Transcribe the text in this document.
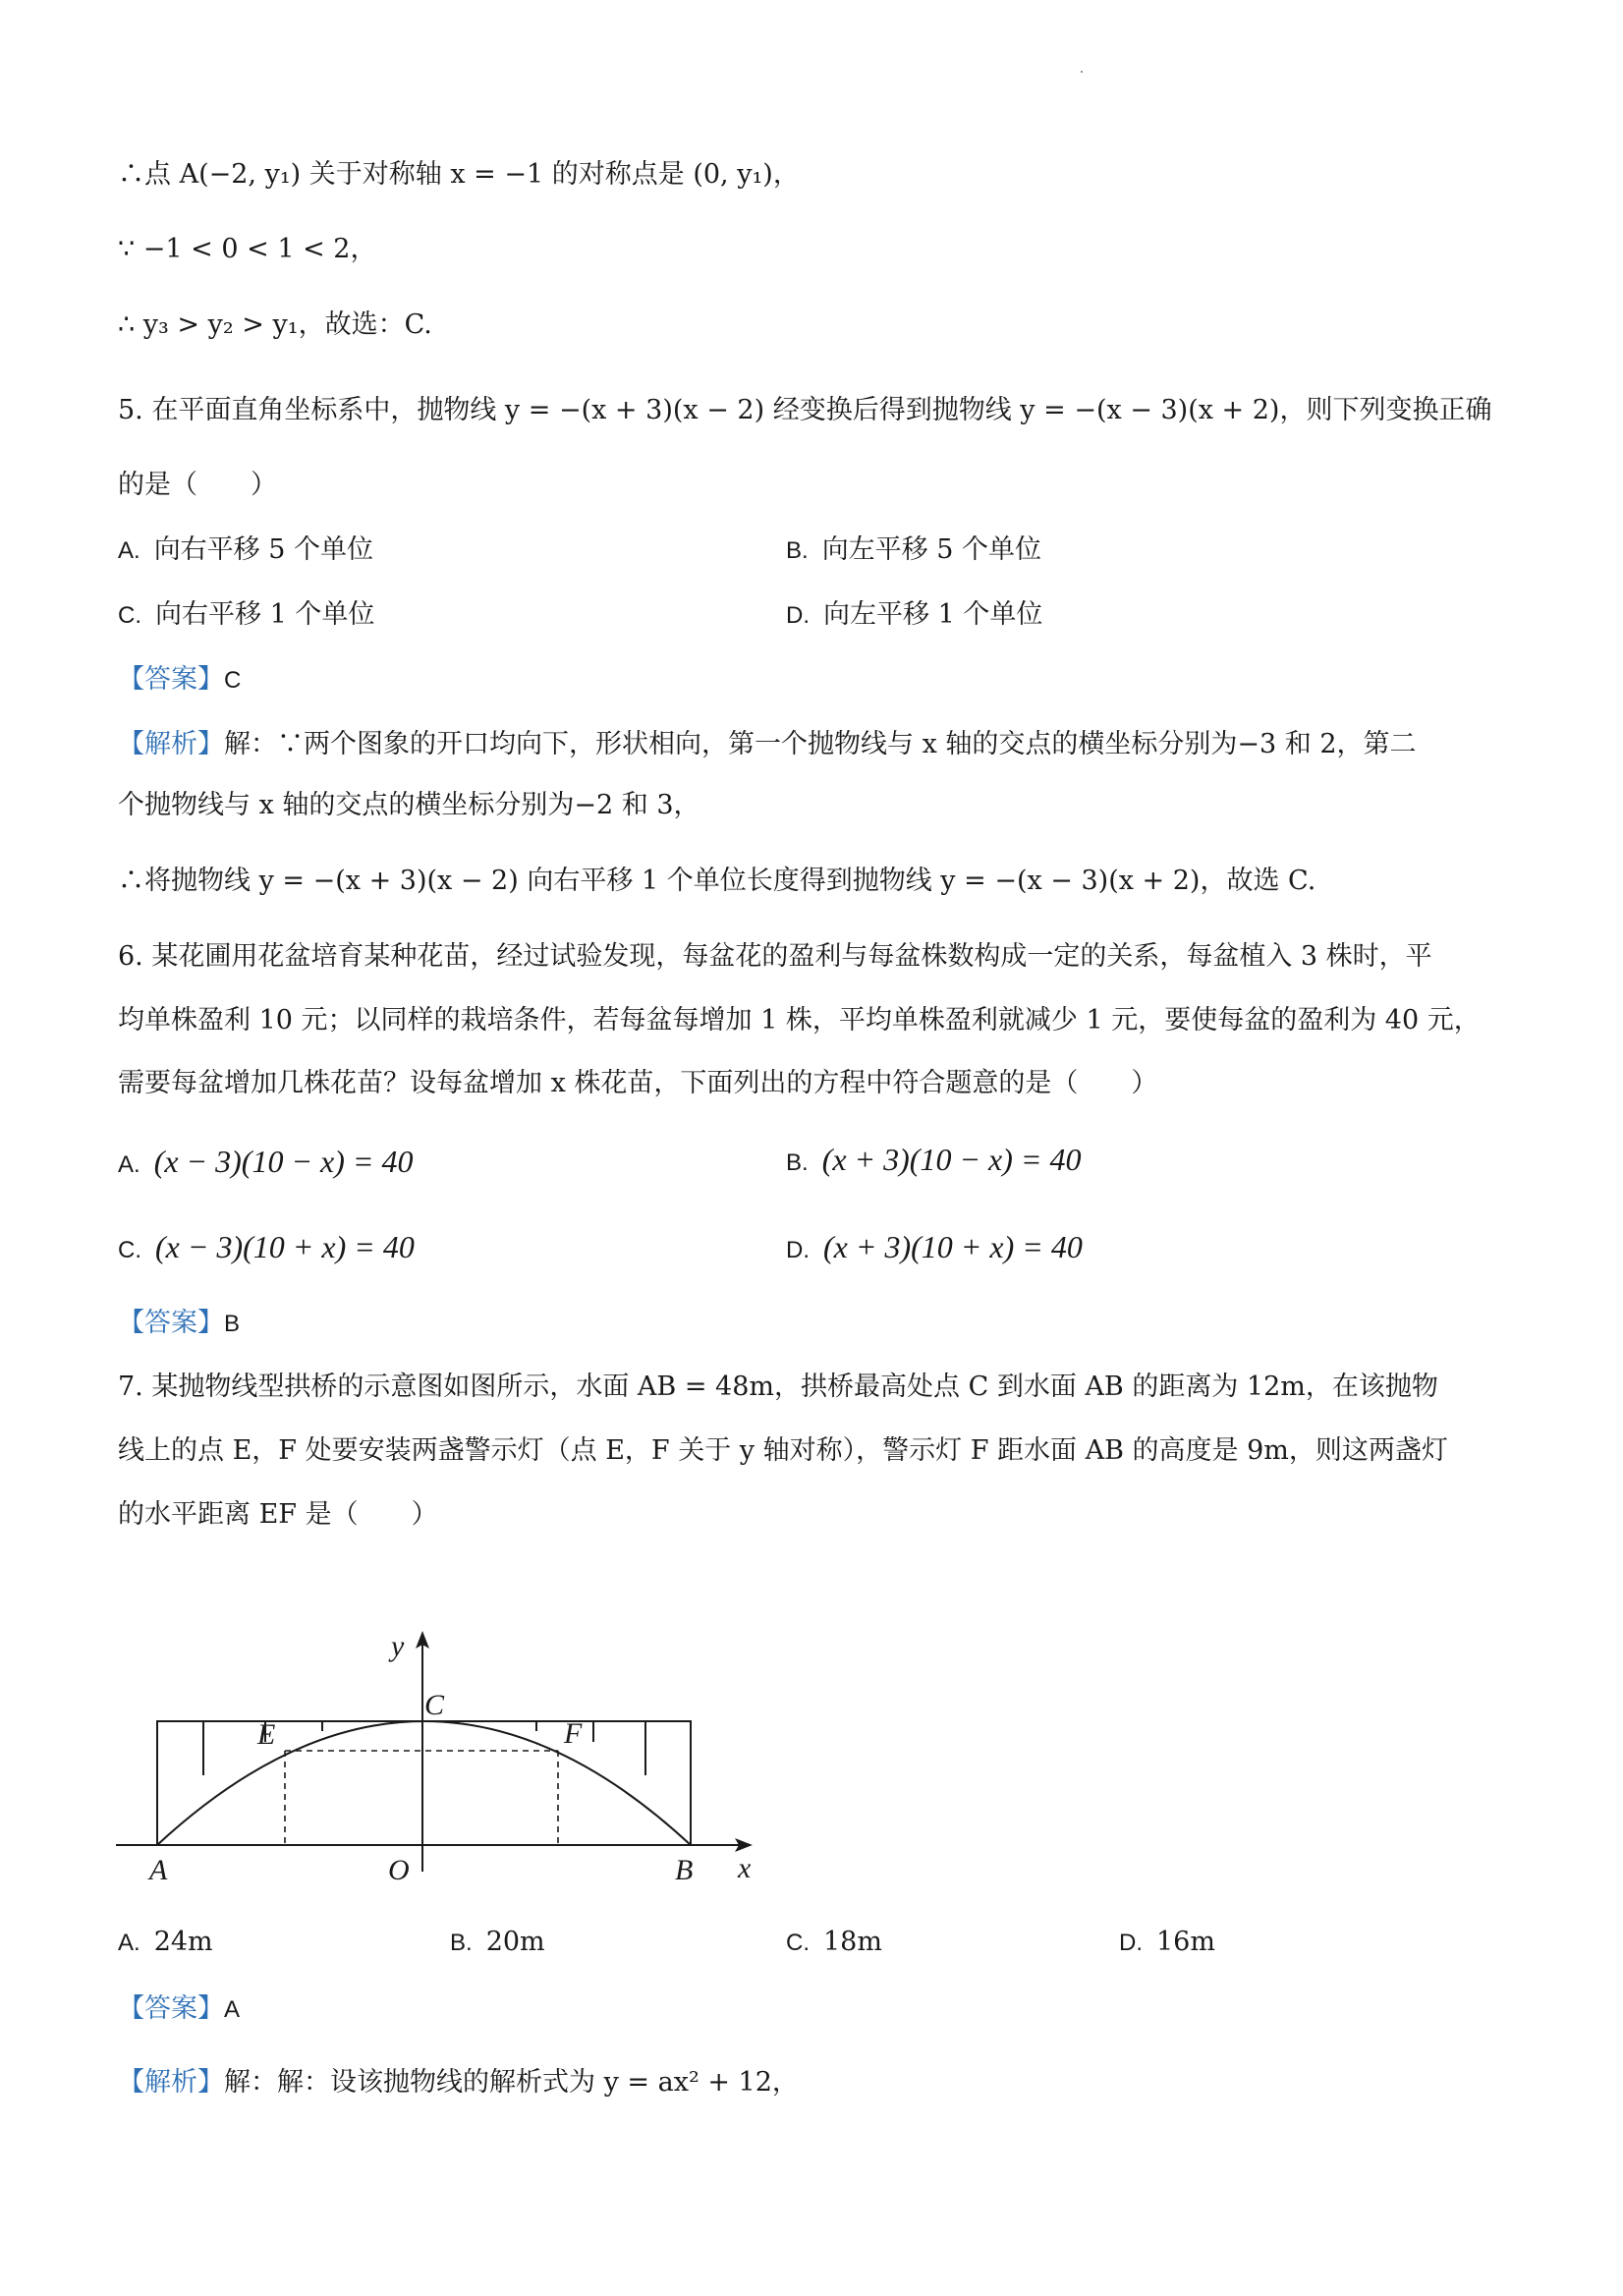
∴点 A(−2, y₁) 关于对称轴 x = −1 的对称点是 (0, y₁)，
∵ −1 < 0 < 1 < 2，
∴ y₃ > y₂ > y₁，故选：C.
5. 在平面直角坐标系中，抛物线 y = −(x + 3)(x − 2) 经变换后得到抛物线 y = −(x − 3)(x + 2)，则下列变换正确
的是（　　）
A. 向右平移 5 个单位	B. 向左平移 5 个单位
C. 向右平移 1 个单位	D. 向左平移 1 个单位
【答案】C
【解析】解：∵两个图象的开口均向下，形状相向，第一个抛物线与 x 轴的交点的横坐标分别为−3 和 2，第二
个抛物线与 x 轴的交点的横坐标分别为−2 和 3，
∴将抛物线 y = −(x + 3)(x − 2) 向右平移 1 个单位长度得到抛物线 y = −(x − 3)(x + 2)，故选 C.
6. 某花圃用花盆培育某种花苗，经过试验发现，每盆花的盈利与每盆株数构成一定的关系，每盆植入 3 株时，平
均单株盈利 10 元；以同样的栽培条件，若每盆每增加 1 株，平均单株盈利就减少 1 元，要使每盆的盈利为 40 元，
需要每盆增加几株花苗？设每盆增加 x 株花苗，下面列出的方程中符合题意的是（　　）
A. (x − 3)(10 − x) = 40	B. (x + 3)(10 − x) = 40
C. (x − 3)(10 + x) = 40	D. (x + 3)(10 + x) = 40
【答案】B
7. 某抛物线型拱桥的示意图如图所示，水面 AB = 48m，拱桥最高处点 C 到水面 AB 的距离为 12m，在该抛物
线上的点 E，F 处要安装两盏警示灯（点 E，F 关于 y 轴对称），警示灯 F 距水面 AB 的高度是 9m，则这两盏灯
的水平距离 EF 是（　　）
y
C
E	F
A	O	B x
A. 24m	B. 20m	C. 18m	D. 16m
【答案】A
【解析】解：解：设该抛物线的解析式为 y = ax² + 12，
